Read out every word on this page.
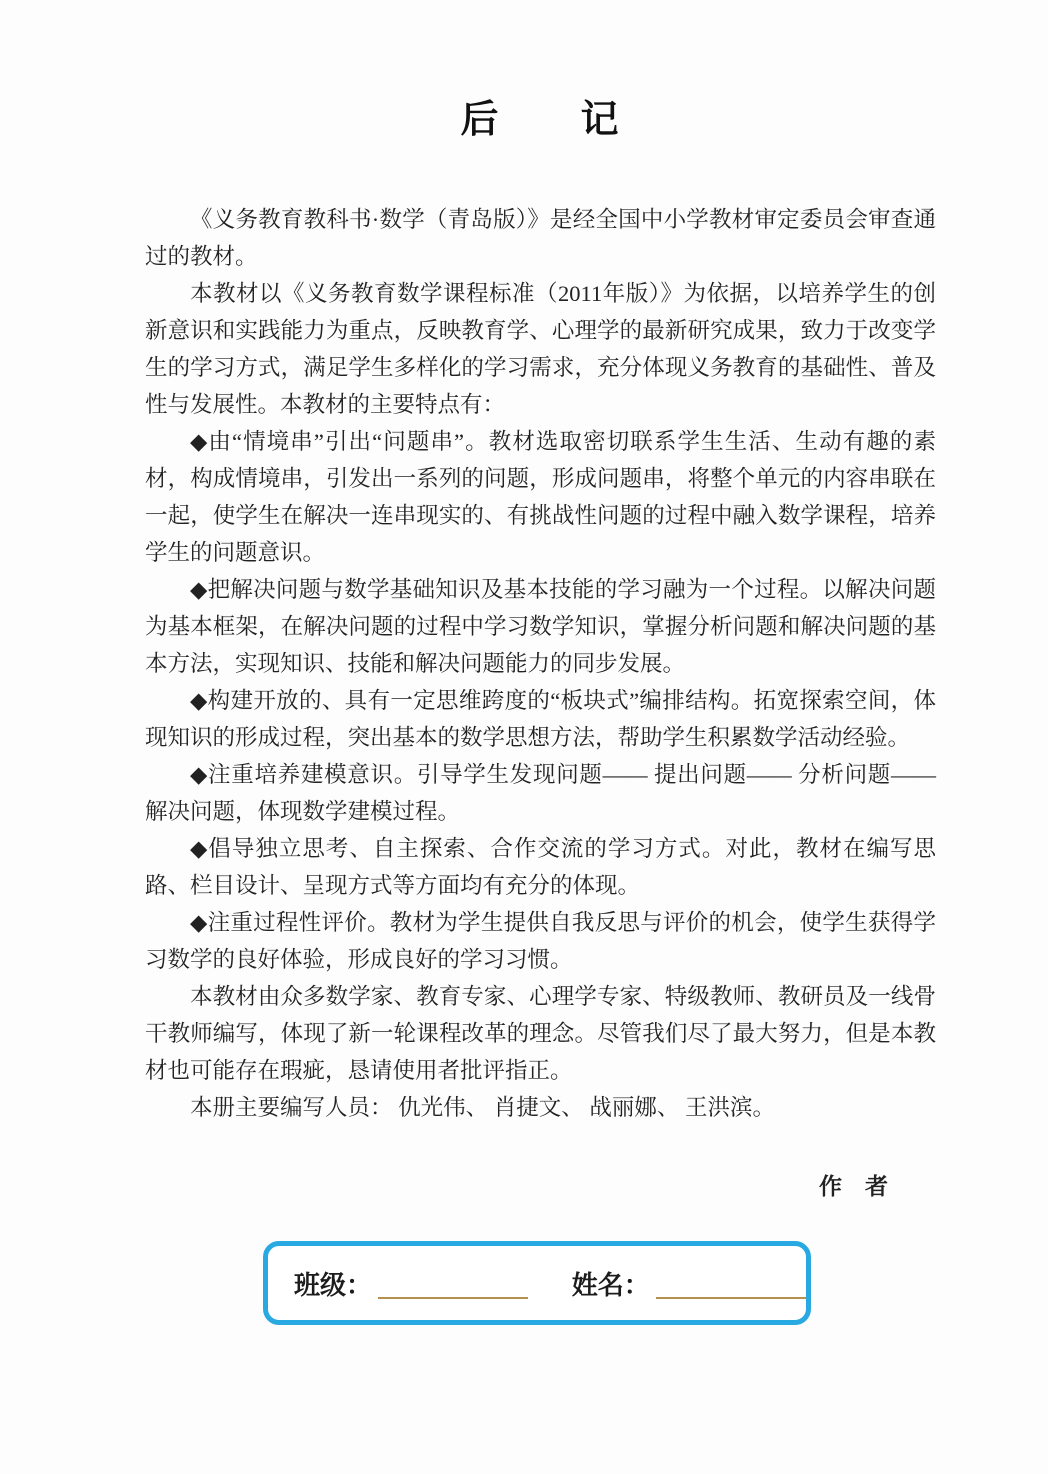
后　　记

《义务教育教科书·数学（青岛版）》是经全国中小学教材审定委员会审查通过的教材。

本教材以《义务教育数学课程标准（2011年版）》为依据，以培养学生的创新意识和实践能力为重点，反映教育学、心理学的最新研究成果，致力于改变学生的学习方式，满足学生多样化的学习需求，充分体现义务教育的基础性、普及性与发展性。本教材的主要特点有：

◆由“情境串”引出“问题串”。教材选取密切联系学生生活、生动有趣的素材，构成情境串，引发出一系列的问题，形成问题串，将整个单元的内容串联在一起，使学生在解决一连串现实的、有挑战性问题的过程中融入数学课程，培养学生的问题意识。

◆把解决问题与数学基础知识及基本技能的学习融为一个过程。以解决问题为基本框架，在解决问题的过程中学习数学知识，掌握分析问题和解决问题的基本方法，实现知识、技能和解决问题能力的同步发展。

◆构建开放的、具有一定思维跨度的“板块式”编排结构。拓宽探索空间，体现知识的形成过程，突出基本的数学思想方法，帮助学生积累数学活动经验。

◆注重培养建模意识。引导学生发现问题—— 提出问题—— 分析问题——解决问题，体现数学建模过程。

◆倡导独立思考、自主探索、合作交流的学习方式。对此，教材在编写思路、栏目设计、呈现方式等方面均有充分的体现。

◆注重过程性评价。教材为学生提供自我反思与评价的机会，使学生获得学习数学的良好体验，形成良好的学习习惯。

本教材由众多数学家、教育专家、心理学专家、特级教师、教研员及一线骨干教师编写，体现了新一轮课程改革的理念。尽管我们尽了最大努力，但是本教材也可能存在瑕疵，恳请使用者批评指正。

本册主要编写人员： 仇光伟、 肖捷文、 战丽娜、 王洪滨。

作　者
班级：	姓名：
